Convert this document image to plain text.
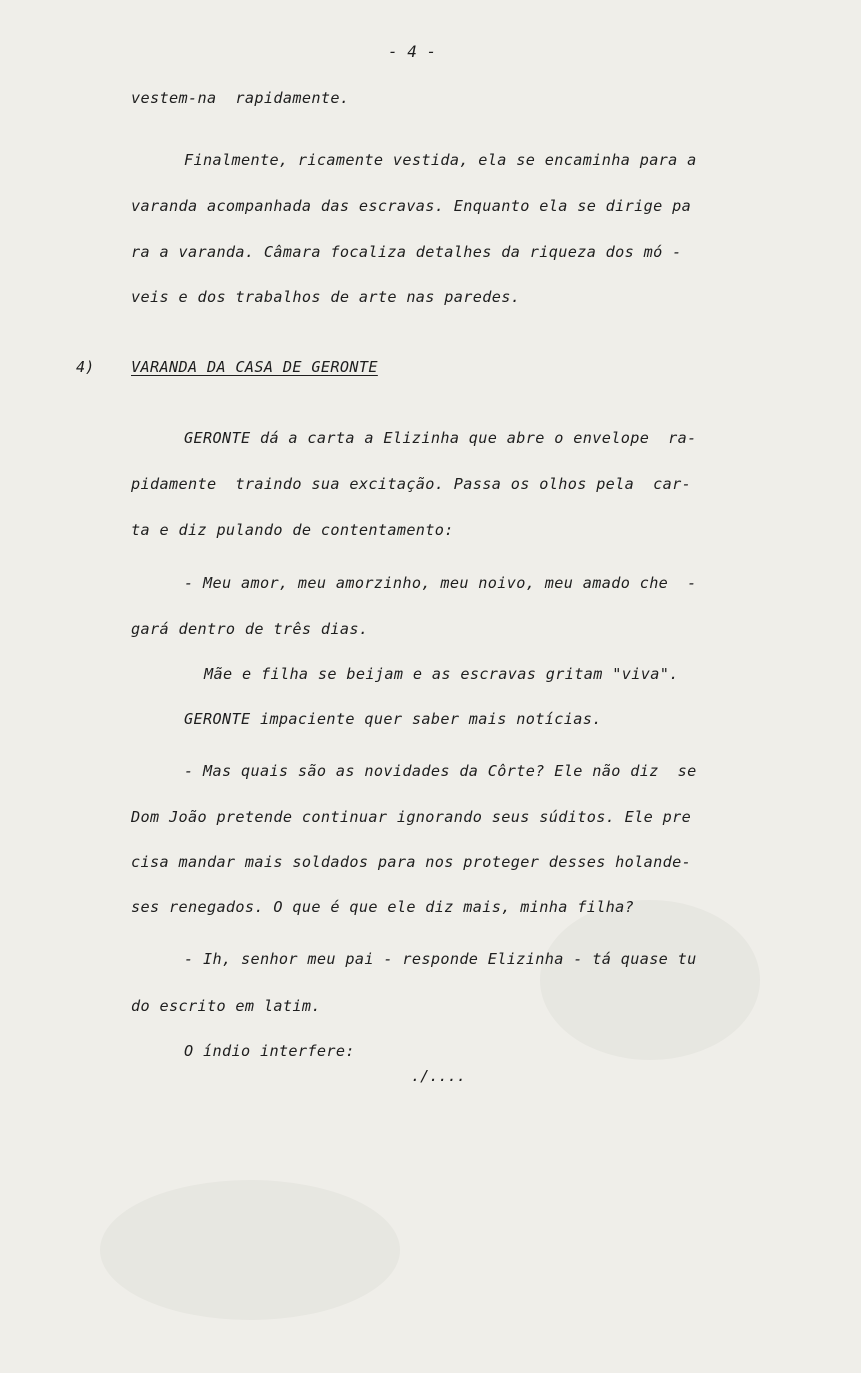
- 4 -
vestem-na  rapidamente.
Finalmente, ricamente vestida, ela se encaminha para a
varanda acompanhada das escravas. Enquanto ela se dirige pa
ra a varanda. Câmara focaliza detalhes da riqueza dos mó -
veis e dos trabalhos de arte nas paredes.
4) VARANDA DA CASA DE GERONTE
GERONTE dá a carta a Elizinha que abre o envelope  ra-
pidamente  traindo sua excitação. Passa os olhos pela  car-
ta e diz pulando de contentamento:
- Meu amor, meu amorzinho, meu noivo, meu amado che  -
gará dentro de três dias.
Mãe e filha se beijam e as escravas gritam "viva".
GERONTE impaciente quer saber mais notícias.
- Mas quais são as novidades da Côrte? Ele não diz  se
Dom João pretende continuar ignorando seus súditos. Ele pre
cisa mandar mais soldados para nos proteger desses holande-
ses renegados. O que é que ele diz mais, minha filha?
- Ih, senhor meu pai - responde Elizinha - tá quase tu
do escrito em latim.
O índio interfere:
./....
